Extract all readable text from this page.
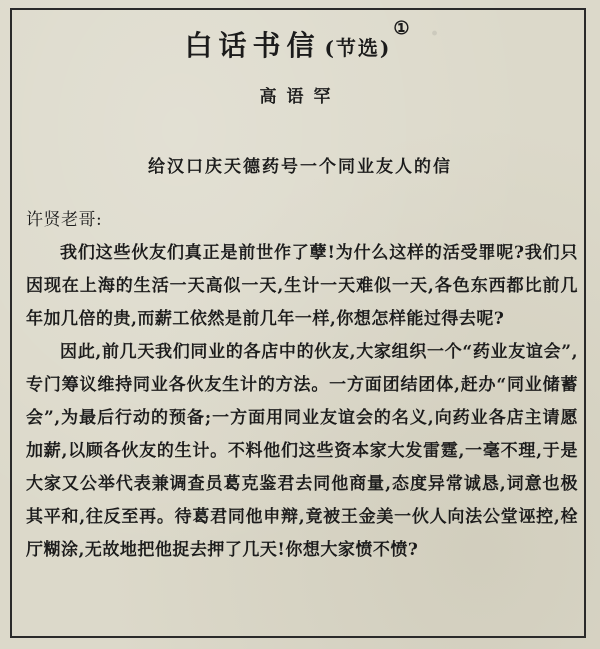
.
白话书信 (节选)①
高语罕
给汉口庆天德药号一个同业友人的信

许贤老哥:

我们这些伙友们真正是前世作了孽!为什么这样的活受罪呢?我们只因现在上海的生活一天高似一天,生计一天难似一天,各色东西都比前几年加几倍的贵,而薪工依然是前几年一样,你想怎样能过得去呢?

因此,前几天我们同业的各店中的伙友,大家组织一个“药业友谊会”,专门筹议维持同业各伙友生计的方法。一方面团结团体,赶办“同业储蓄会”,为最后行动的预备;一方面用同业友谊会的名义,向药业各店主请愿加薪,以顾各伙友的生计。不料他们这些资本家大发雷霆,一毫不理,于是大家又公举代表兼调查员葛克鉴君去同他商量,态度异常诚恳,词意也极其平和,往反至再。待葛君同他申辩,竟被王金美一伙人向法公堂诬控,栓厅糊涂,无故地把他捉去押了几天!你想大家愤不愤?
